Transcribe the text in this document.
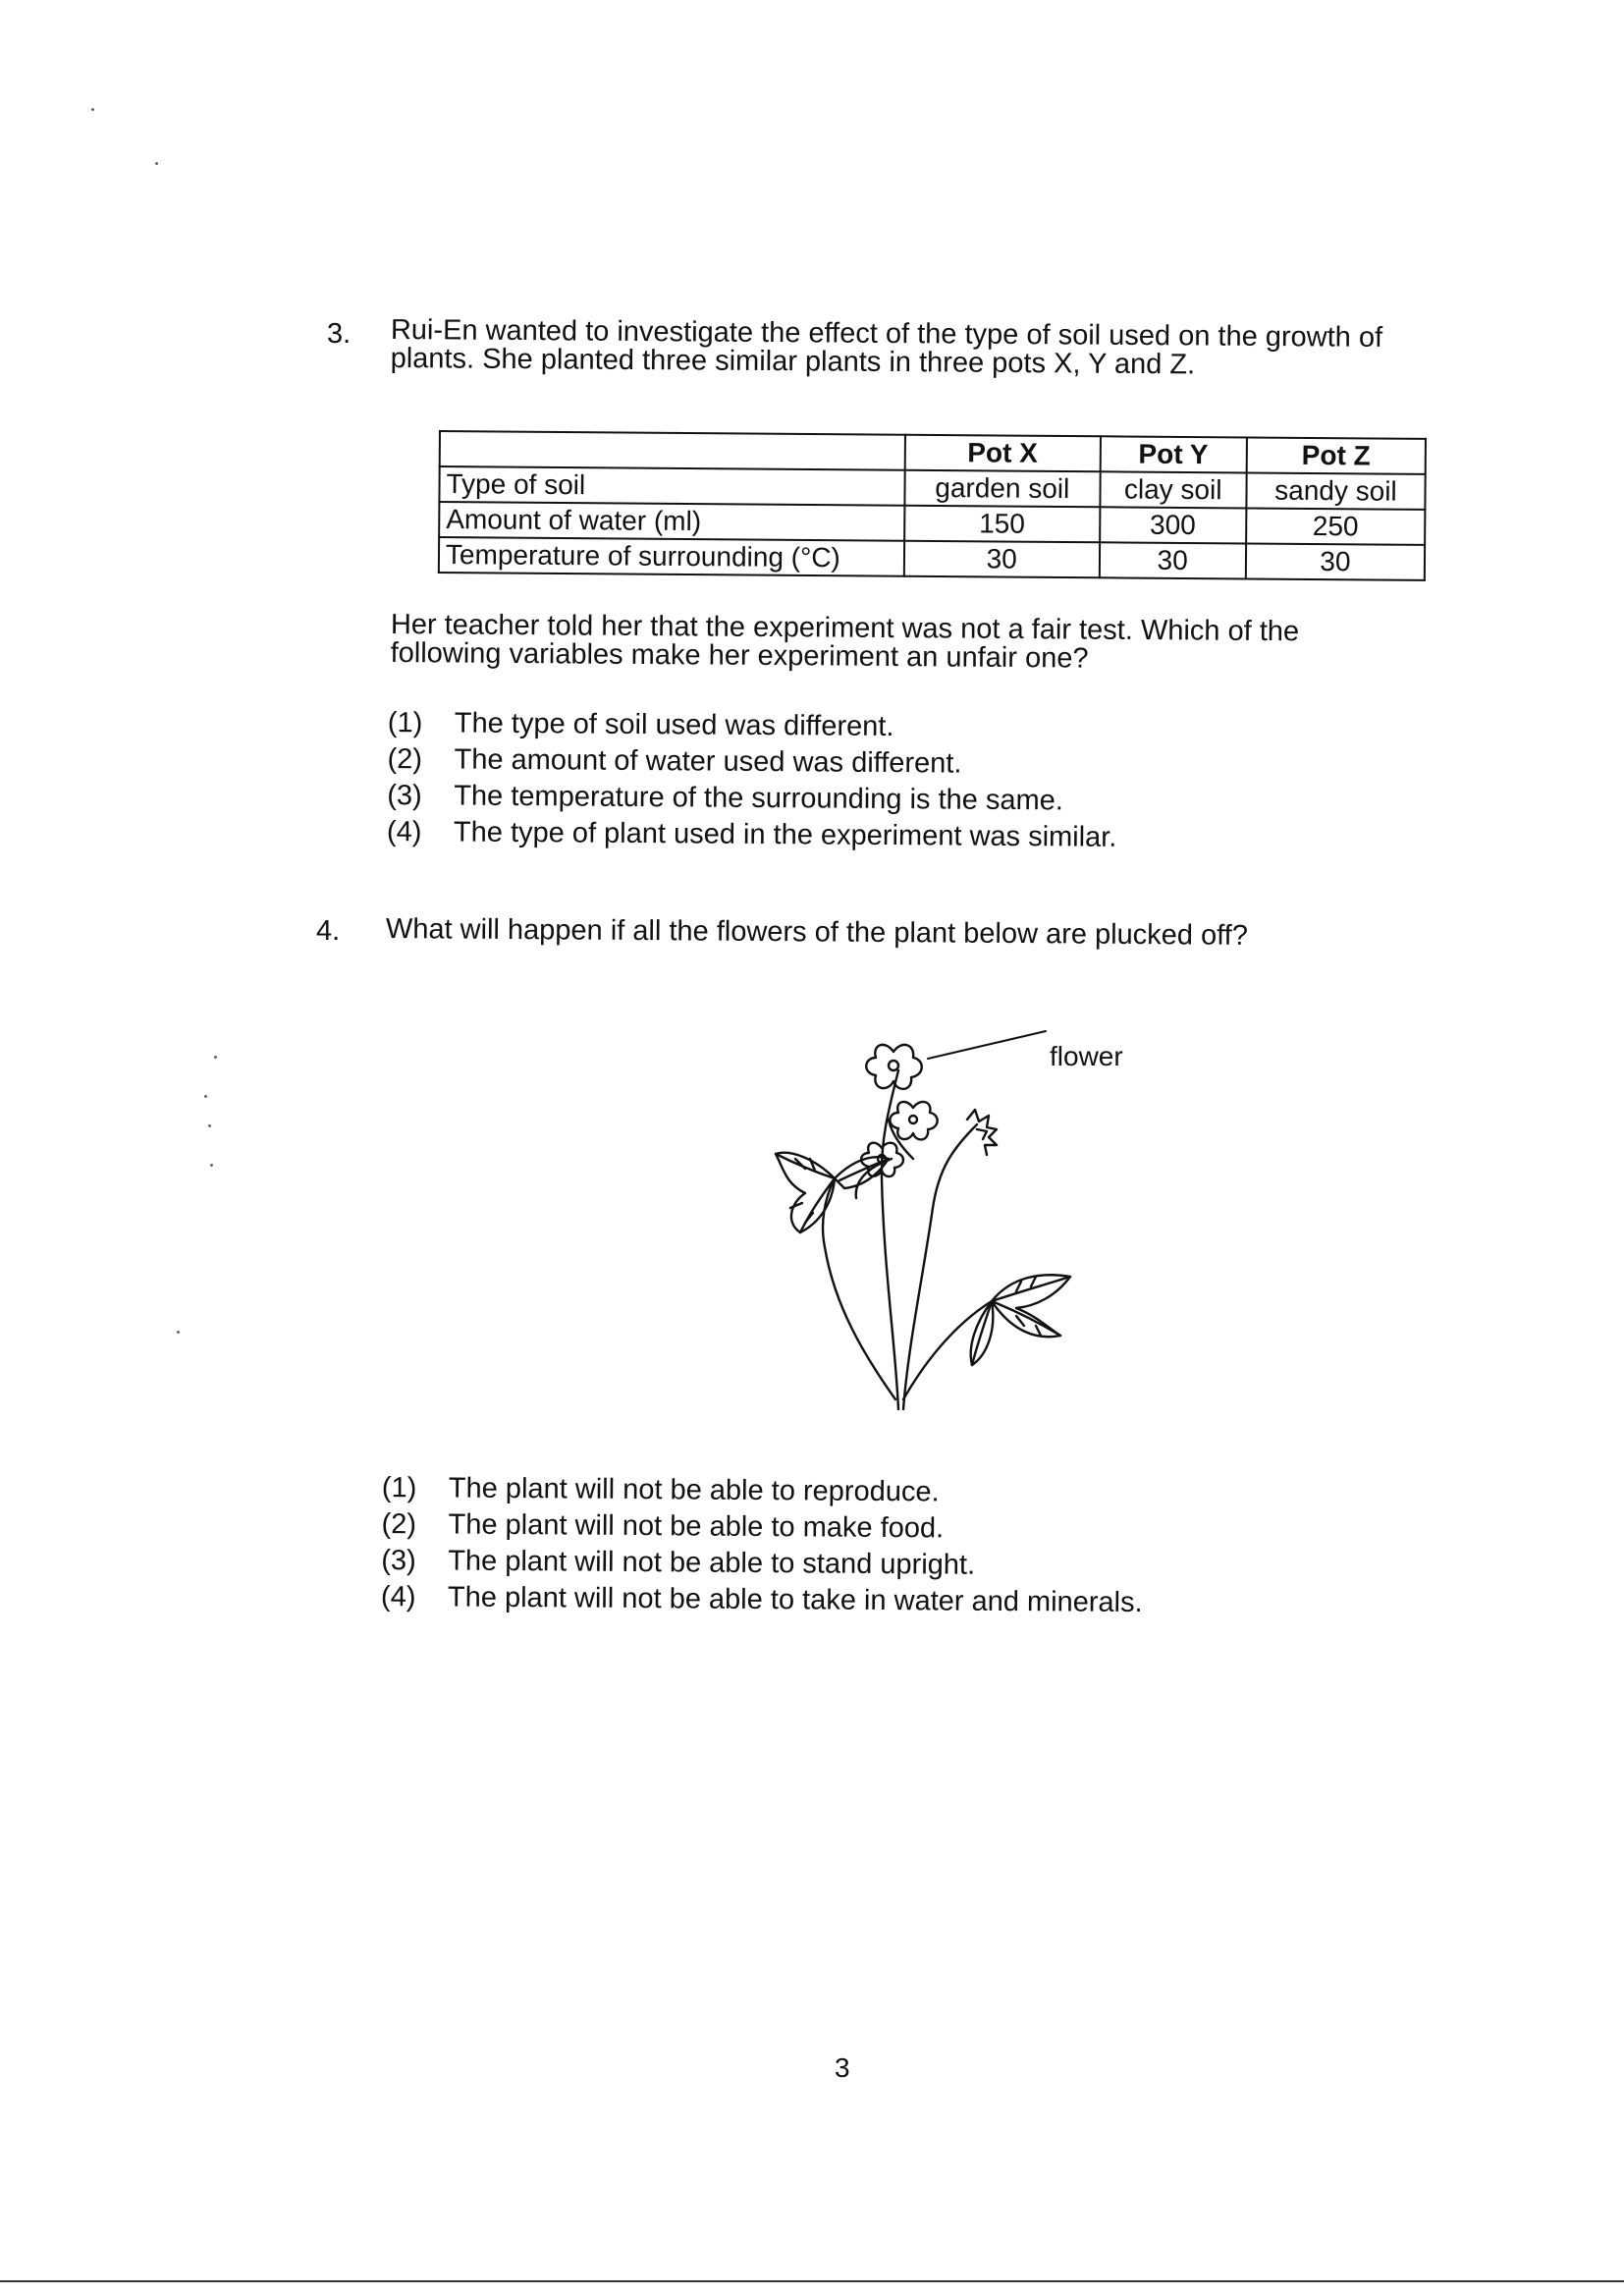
3. Rui-En wanted to investigate the effect of the type of soil used on the growth of
plants. She planted three similar plants in three pots X, Y and Z.

	Pot X	Pot Y	Pot Z
Type of soil	garden soil	clay soil	sandy soil
Amount of water (ml)	150	300	250
Temperature of surrounding (°C)	30	30	30

Her teacher told her that the experiment was not a fair test. Which of the
following variables make her experiment an unfair one?

(1) The type of soil used was different.
(2) The amount of water used was different.
(3) The temperature of the surrounding is the same.
(4) The type of plant used in the experiment was similar.
4. What will happen if all the flowers of the plant below are plucked off?

flower
(1) The plant will not be able to reproduce.
(2) The plant will not be able to make food.
(3) The plant will not be able to stand upright.
(4) The plant will not be able to take in water and minerals.
3
